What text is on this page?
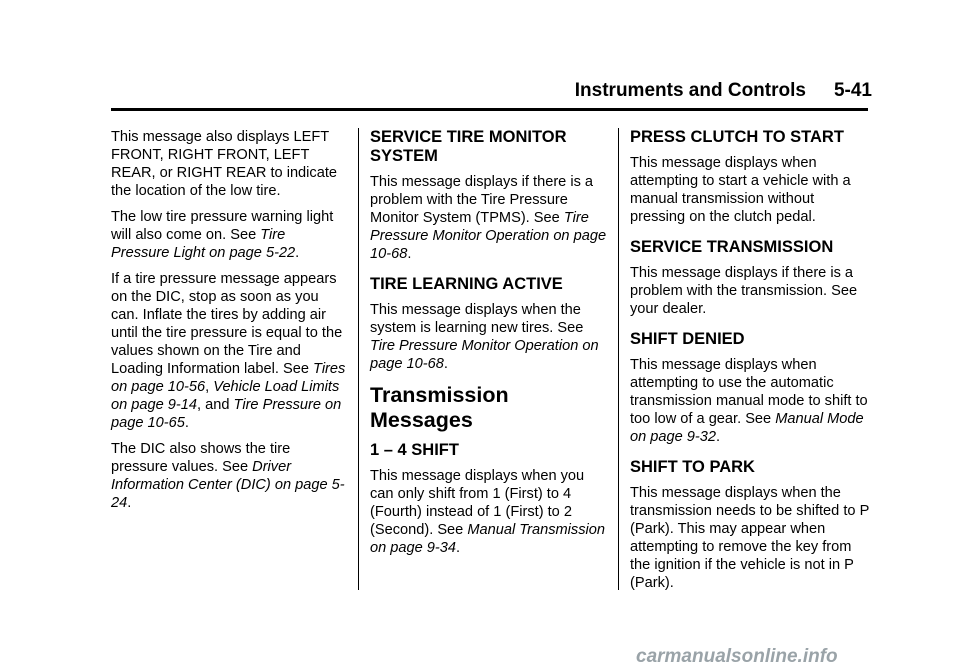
Instruments and Controls 5-41

This message also displays LEFT FRONT, RIGHT FRONT, LEFT REAR, or RIGHT REAR to indicate the location of the low tire.

The low tire pressure warning light will also come on. See Tire Pressure Light on page 5-22.

If a tire pressure message appears on the DIC, stop as soon as you can. Inflate the tires by adding air until the tire pressure is equal to the values shown on the Tire and Loading Information label. See Tires on page 10-56, Vehicle Load Limits on page 9-14, and Tire Pressure on page 10-65.

The DIC also shows the tire pressure values. See Driver Information Center (DIC) on page 5-24.

SERVICE TIRE MONITOR SYSTEM

This message displays if there is a problem with the Tire Pressure Monitor System (TPMS). See Tire Pressure Monitor Operation on page 10-68.

TIRE LEARNING ACTIVE

This message displays when the system is learning new tires. See Tire Pressure Monitor Operation on page 10-68.

Transmission Messages
1 – 4 SHIFT

This message displays when you can only shift from 1 (First) to 4 (Fourth) instead of 1 (First) to 2 (Second). See Manual Transmission on page 9-34.

PRESS CLUTCH TO START

This message displays when attempting to start a vehicle with a manual transmission without pressing on the clutch pedal.

SERVICE TRANSMISSION

This message displays if there is a problem with the transmission. See your dealer.

SHIFT DENIED

This message displays when attempting to use the automatic transmission manual mode to shift to too low of a gear. See Manual Mode on page 9-32.

SHIFT TO PARK

This message displays when the transmission needs to be shifted to P (Park). This may appear when attempting to remove the key from the ignition if the vehicle is not in P (Park).

carmanualsonline.info
